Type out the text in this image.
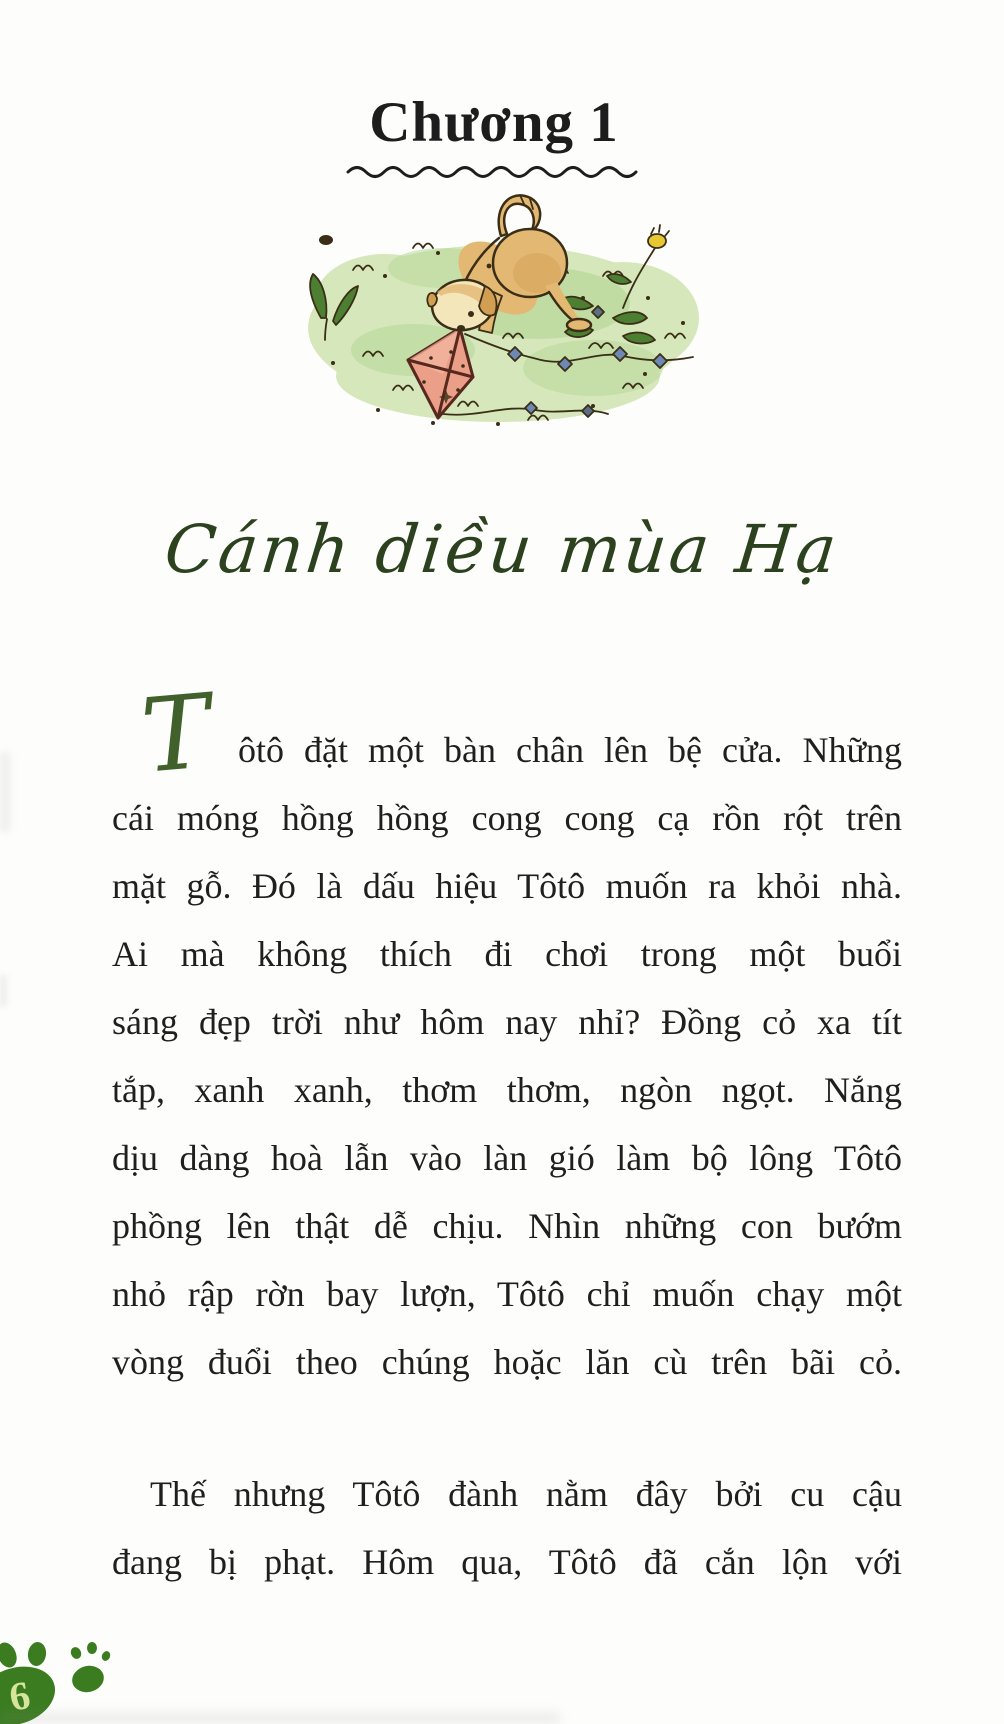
Chương 1
Cánh diều mùa Hạ
T ôtô đặt một bàn chân lên bệ cửa. Những
cái móng hồng hồng cong cong cạ rồn rột trên
mặt gỗ. Đó là dấu hiệu Tôtô muốn ra khỏi nhà.
Ai mà không thích đi chơi trong một buổi
sáng đẹp trời như hôm nay nhỉ? Đồng cỏ xa tít
tắp, xanh xanh, thơm thơm, ngòn ngọt. Nắng
dịu dàng hoà lẫn vào làn gió làm bộ lông Tôtô
phồng lên thật dễ chịu. Nhìn những con bướm
nhỏ rập rờn bay lượn, Tôtô chỉ muốn chạy một
vòng đuổi theo chúng hoặc lăn cù trên bãi cỏ.
Thế nhưng Tôtô đành nằm đây bởi cu cậu
đang bị phạt. Hôm qua, Tôtô đã cắn lộn với
6
